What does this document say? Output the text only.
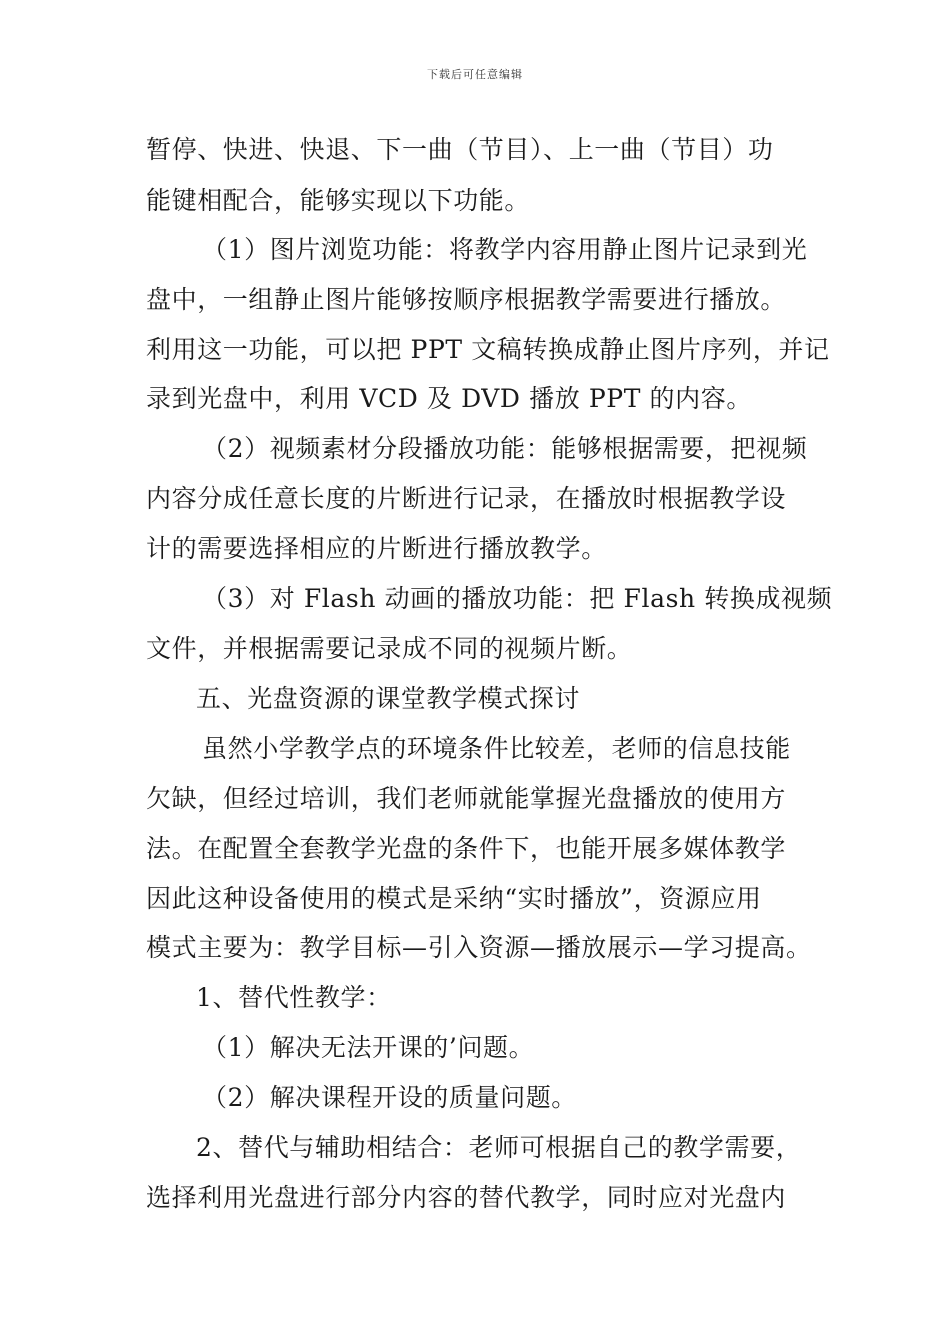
下载后可任意编辑
暂停、快进、快退、下一曲（节目）、上一曲（节目）功
能键相配合，能够实现以下功能。
（1）图片浏览功能：将教学内容用静止图片记录到光
盘中，一组静止图片能够按顺序根据教学需要进行播放。
利用这一功能，可以把 PPT 文稿转换成静止图片序列，并记
录到光盘中，利用 VCD 及 DVD 播放 PPT 的内容。
（2）视频素材分段播放功能：能够根据需要，把视频
内容分成任意长度的片断进行记录，在播放时根据教学设
计的需要选择相应的片断进行播放教学。
（3）对 Flash 动画的播放功能：把 Flash 转换成视频
文件，并根据需要记录成不同的视频片断。
五、光盘资源的课堂教学模式探讨
虽然小学教学点的环境条件比较差，老师的信息技能
欠缺，但经过培训，我们老师就能掌握光盘播放的使用方
法。在配置全套教学光盘的条件下，也能开展多媒体教学
因此这种设备使用的模式是采纳“实时播放”，资源应用
模式主要为：教学目标—引入资源—播放展示—学习提高。
1、替代性教学：
（1）解决无法开课的’问题。
（2）解决课程开设的质量问题。
2、替代与辅助相结合：老师可根据自己的教学需要，
选择利用光盘进行部分内容的替代教学，同时应对光盘内
